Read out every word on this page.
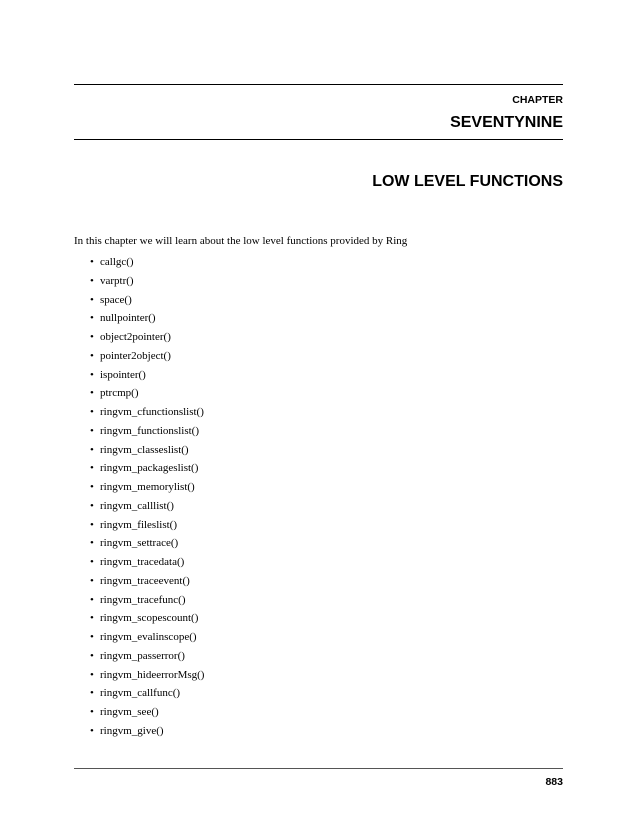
CHAPTER
SEVENTYNINE
LOW LEVEL FUNCTIONS
In this chapter we will learn about the low level functions provided by Ring
• callgc()
• varptr()
• space()
• nullpointer()
• object2pointer()
• pointer2object()
• ispointer()
• ptrcmp()
• ringvm_cfunctionslist()
• ringvm_functionslist()
• ringvm_classeslist()
• ringvm_packageslist()
• ringvm_memorylist()
• ringvm_calllist()
• ringvm_fileslist()
• ringvm_settrace()
• ringvm_tracedata()
• ringvm_traceevent()
• ringvm_tracefunc()
• ringvm_scopescount()
• ringvm_evalinscope()
• ringvm_passerror()
• ringvm_hideerrorMsg()
• ringvm_callfunc()
• ringvm_see()
• ringvm_give()
883
